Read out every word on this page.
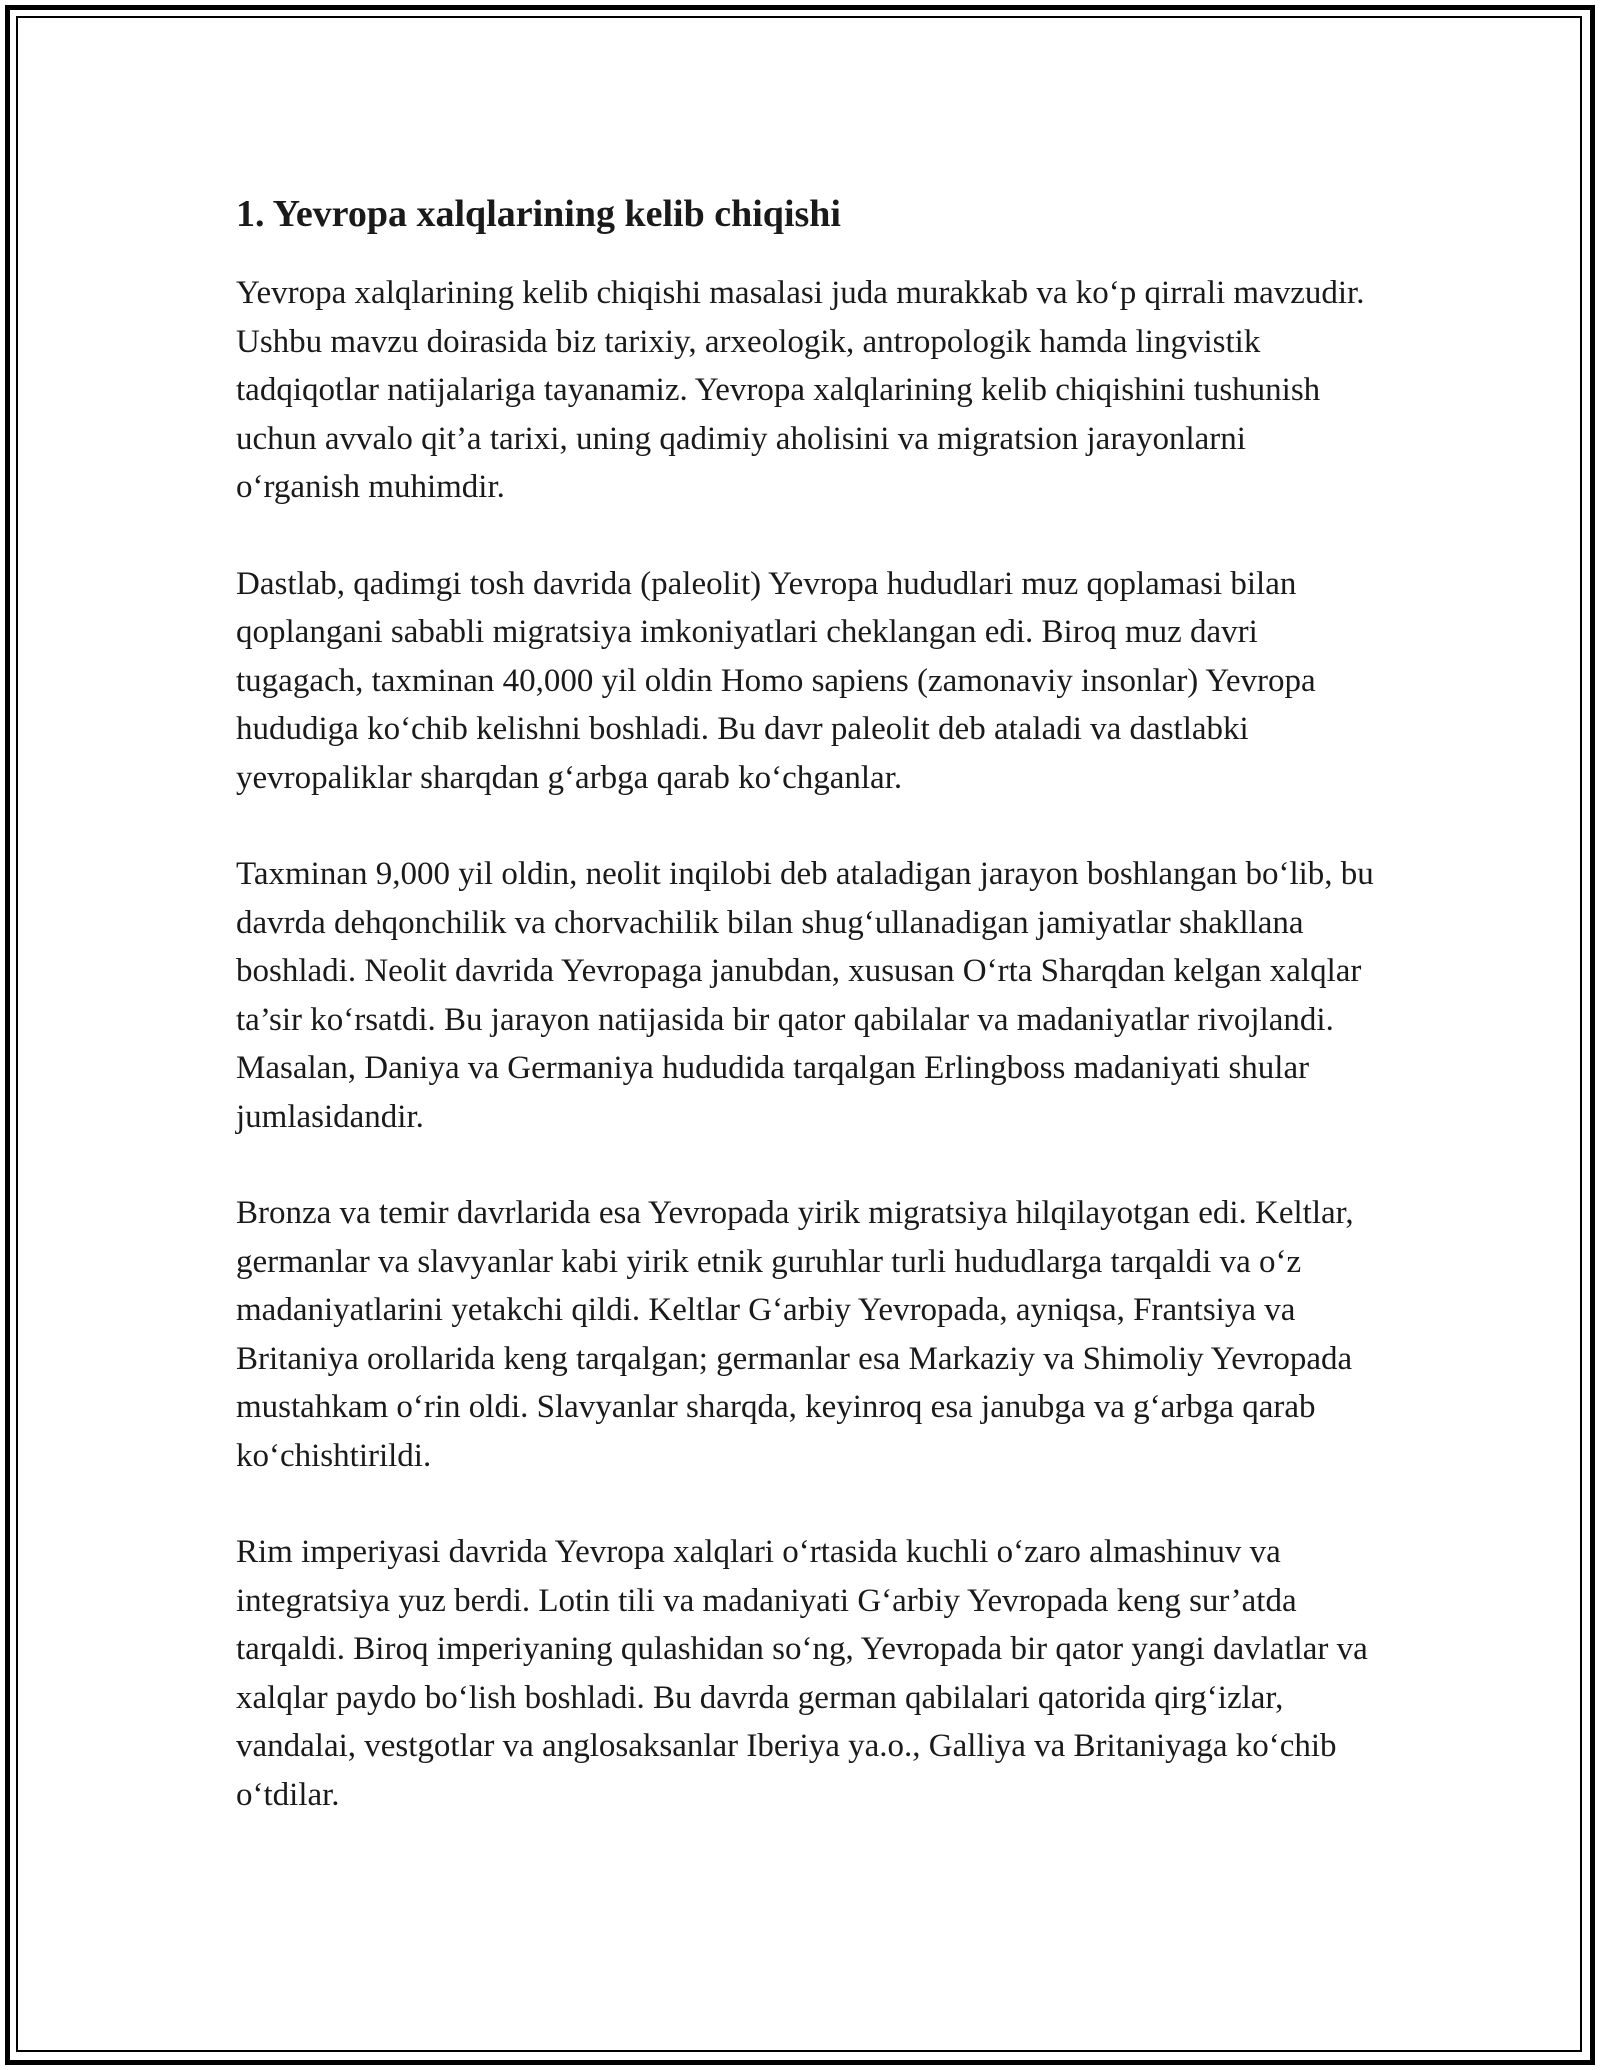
1. Yevropa xalqlarining kelib chiqishi

Yevropa xalqlarining kelib chiqishi masalasi juda murakkab va koʻp qirrali mavzudir. Ushbu mavzu doirasida biz tarixiy, arxeologik, antropologik hamda lingvistik tadqiqotlar natijalariga tayanamiz. Yevropa xalqlarining kelib chiqishini tushunish uchun avvalo qit’a tarixi, uning qadimiy aholisini va migratsion jarayonlarni oʻrganish muhimdir.

Dastlab, qadimgi tosh davrida (paleolit) Yevropa hududlari muz qoplamasi bilan qoplangani sababli migratsiya imkoniyatlari cheklangan edi. Biroq muz davri tugagach, taxminan 40,000 yil oldin Homo sapiens (zamonaviy insonlar) Yevropa hududiga koʻchib kelishni boshladi. Bu davr paleolit deb ataladi va dastlabki yevropaliklar sharqdan gʻarbga qarab koʻchganlar.

Taxminan 9,000 yil oldin, neolit inqilobi deb ataladigan jarayon boshlangan boʻlib, bu davrda dehqonchilik va chorvachilik bilan shugʻullanadigan jamiyatlar shakllana boshladi. Neolit davrida Yevropaga janubdan, xususan Oʻrta Sharqdan kelgan xalqlar ta’sir koʻrsatdi. Bu jarayon natijasida bir qator qabilalar va madaniyatlar rivojlandi. Masalan, Daniya va Germaniya hududida tarqalgan Erlingboss madaniyati shular jumlasidandir.

Bronza va temir davrlarida esa Yevropada yirik migratsiya hilqilayotgan edi. Keltlar, germanlar va slavyanlar kabi yirik etnik guruhlar turli hududlarga tarqaldi va oʻz madaniyatlarini yetakchi qildi. Keltlar Gʻarbiy Yevropada, ayniqsa, Frantsiya va Britaniya orollarida keng tarqalgan; germanlar esa Markaziy va Shimoliy Yevropada mustahkam oʻrin oldi. Slavyanlar sharqda, keyinroq esa janubga va gʻarbga qarab koʻchishtirildi.

Rim imperiyasi davrida Yevropa xalqlari oʻrtasida kuchli oʻzaro almashinuv va integratsiya yuz berdi. Lotin tili va madaniyati Gʻarbiy Yevropada keng sur’atda tarqaldi. Biroq imperiyaning qulashidan soʻng, Yevropada bir qator yangi davlatlar va xalqlar paydo boʻlish boshladi. Bu davrda german qabilalari qatorida qirgʻizlar, vandalai, vestgotlar va anglosaksanlar Iberiya ya.o., Galliya va Britaniyaga koʻchib oʻtdilar.
